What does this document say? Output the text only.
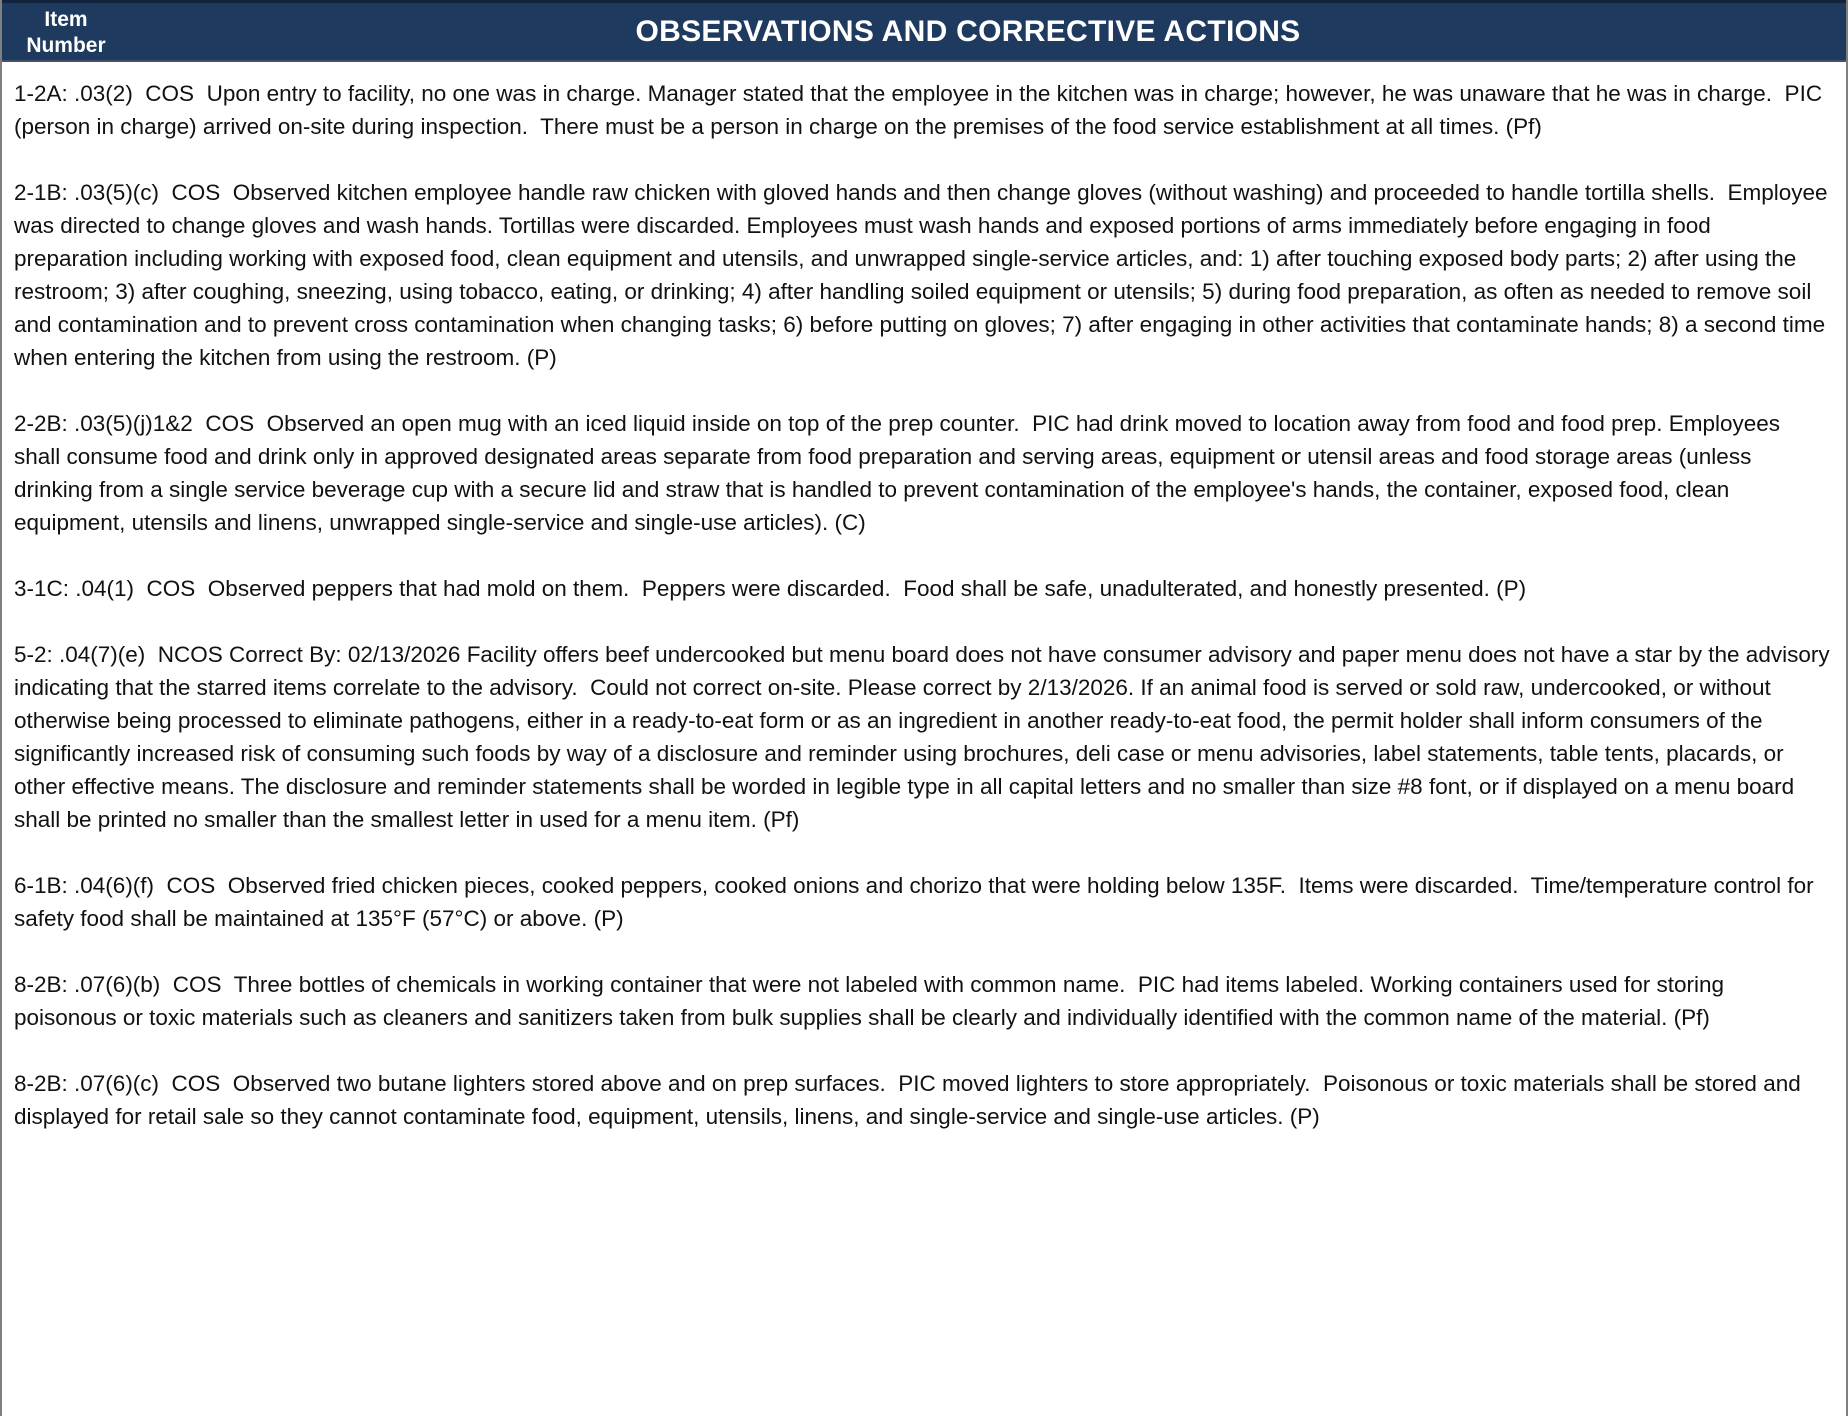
Item Number	OBSERVATIONS AND CORRECTIVE ACTIONS

1-2A: .03(2)  COS  Upon entry to facility, no one was in charge. Manager stated that the employee in the kitchen was in charge; however, he was unaware that he was in charge.  PIC (person in charge) arrived on-site during inspection.  There must be a person in charge on the premises of the food service establishment at all times. (Pf)

2-1B: .03(5)(c)  COS  Observed kitchen employee handle raw chicken with gloved hands and then change gloves (without washing) and proceeded to handle tortilla shells.  Employee was directed to change gloves and wash hands. Tortillas were discarded. Employees must wash hands and exposed portions of arms immediately before engaging in food preparation including working with exposed food, clean equipment and utensils, and unwrapped single-service articles, and: 1) after touching exposed body parts; 2) after using the restroom; 3) after coughing, sneezing, using tobacco, eating, or drinking; 4) after handling soiled equipment or utensils; 5) during food preparation, as often as needed to remove soil and contamination and to prevent cross contamination when changing tasks; 6) before putting on gloves; 7) after engaging in other activities that contaminate hands; 8) a second time when entering the kitchen from using the restroom. (P)

2-2B: .03(5)(j)1&2  COS  Observed an open mug with an iced liquid inside on top of the prep counter.  PIC had drink moved to location away from food and food prep. Employees shall consume food and drink only in approved designated areas separate from food preparation and serving areas, equipment or utensil areas and food storage areas (unless drinking from a single service beverage cup with a secure lid and straw that is handled to prevent contamination of the employee's hands, the container, exposed food, clean equipment, utensils and linens, unwrapped single-service and single-use articles). (C)

3-1C: .04(1)  COS  Observed peppers that had mold on them.  Peppers were discarded.  Food shall be safe, unadulterated, and honestly presented. (P)

5-2: .04(7)(e)  NCOS Correct By: 02/13/2026 Facility offers beef undercooked but menu board does not have consumer advisory and paper menu does not have a star by the advisory indicating that the starred items correlate to the advisory.  Could not correct on-site. Please correct by 2/13/2026. If an animal food is served or sold raw, undercooked, or without otherwise being processed to eliminate pathogens, either in a ready-to-eat form or as an ingredient in another ready-to-eat food, the permit holder shall inform consumers of the significantly increased risk of consuming such foods by way of a disclosure and reminder using brochures, deli case or menu advisories, label statements, table tents, placards, or other effective means. The disclosure and reminder statements shall be worded in legible type in all capital letters and no smaller than size #8 font, or if displayed on a menu board shall be printed no smaller than the smallest letter in used for a menu item. (Pf)

6-1B: .04(6)(f)  COS  Observed fried chicken pieces, cooked peppers, cooked onions and chorizo that were holding below 135F.  Items were discarded.  Time/temperature control for safety food shall be maintained at 135°F (57°C) or above. (P)

8-2B: .07(6)(b)  COS  Three bottles of chemicals in working container that were not labeled with common name.  PIC had items labeled. Working containers used for storing poisonous or toxic materials such as cleaners and sanitizers taken from bulk supplies shall be clearly and individually identified with the common name of the material. (Pf)

8-2B: .07(6)(c)  COS  Observed two butane lighters stored above and on prep surfaces.  PIC moved lighters to store appropriately.  Poisonous or toxic materials shall be stored and displayed for retail sale so they cannot contaminate food, equipment, utensils, linens, and single-service and single-use articles. (P)
